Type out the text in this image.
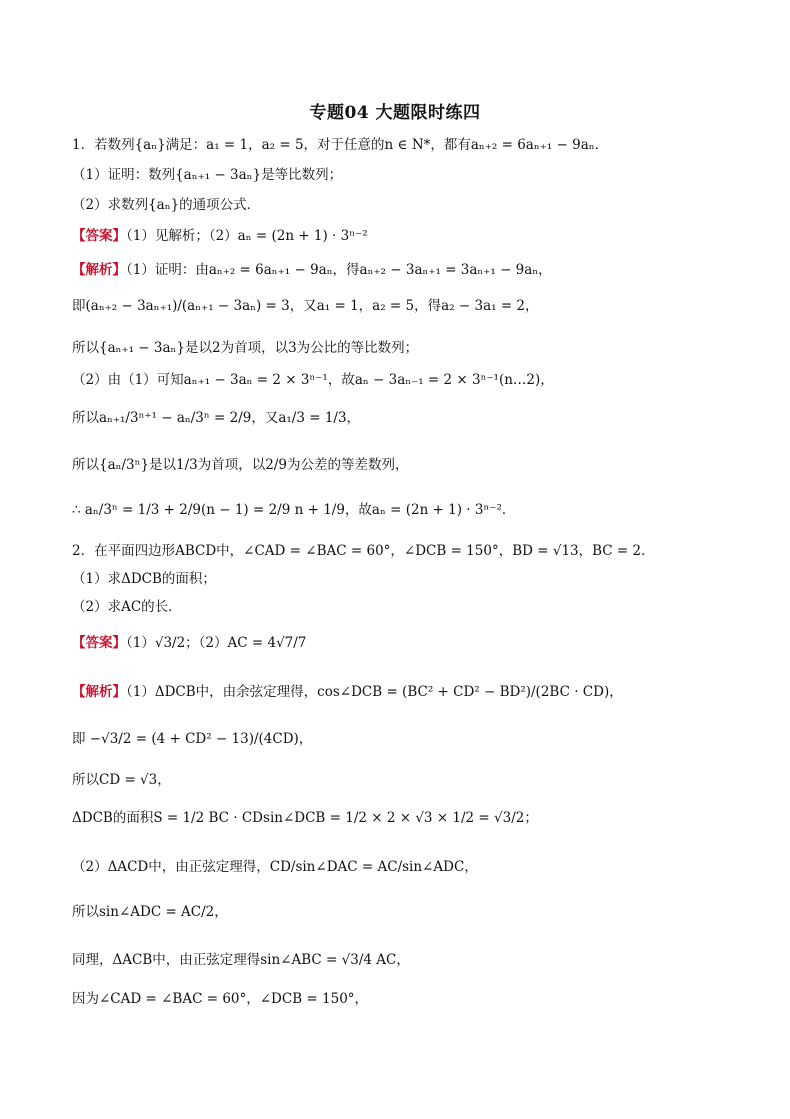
专题04 大题限时练四
1．若数列{aₙ}满足：a₁ = 1，a₂ = 5，对于任意的n ∈ N*，都有aₙ₊₂ = 6aₙ₊₁ − 9aₙ．
（1）证明：数列{aₙ₊₁ − 3aₙ}是等比数列；
（2）求数列{aₙ}的通项公式．
【答案】（1）见解析；（2）aₙ = (2n + 1) · 3ⁿ⁻²
【解析】（1）证明：由aₙ₊₂ = 6aₙ₊₁ − 9aₙ，得aₙ₊₂ − 3aₙ₊₁ = 3aₙ₊₁ − 9aₙ，
即(aₙ₊₂ − 3aₙ₊₁)/(aₙ₊₁ − 3aₙ) = 3，又a₁ = 1，a₂ = 5，得a₂ − 3a₁ = 2，
所以{aₙ₊₁ − 3aₙ}是以2为首项，以3为公比的等比数列；
（2）由（1）可知aₙ₊₁ − 3aₙ = 2 × 3ⁿ⁻¹，故aₙ − 3aₙ₋₁ = 2 × 3ⁿ⁻¹(n…2)，
所以aₙ₊₁/3ⁿ⁺¹ − aₙ/3ⁿ = 2/9，又a₁/3 = 1/3，
所以{aₙ/3ⁿ}是以1/3为首项，以2/9为公差的等差数列，
∴ aₙ/3ⁿ = 1/3 + 2/9(n − 1) = 2/9 n + 1/9，故aₙ = (2n + 1) · 3ⁿ⁻²．
2．在平面四边形ABCD中，∠CAD = ∠BAC = 60°，∠DCB = 150°，BD = √13，BC = 2．
（1）求ΔDCB的面积；
（2）求AC的长．
【答案】（1）√3/2；（2）AC = 4√7/7
【解析】（1）ΔDCB中，由余弦定理得，cos∠DCB = (BC² + CD² − BD²)/(2BC · CD)，
即 −√3/2 = (4 + CD² − 13)/(4CD)，
所以CD = √3，
ΔDCB的面积S = 1/2 BC · CDsin∠DCB = 1/2 × 2 × √3 × 1/2 = √3/2；
（2）ΔACD中，由正弦定理得，CD/sin∠DAC = AC/sin∠ADC，
所以sin∠ADC = AC/2，
同理，ΔACB中，由正弦定理得sin∠ABC = √3/4 AC，
因为∠CAD = ∠BAC = 60°，∠DCB = 150°，
